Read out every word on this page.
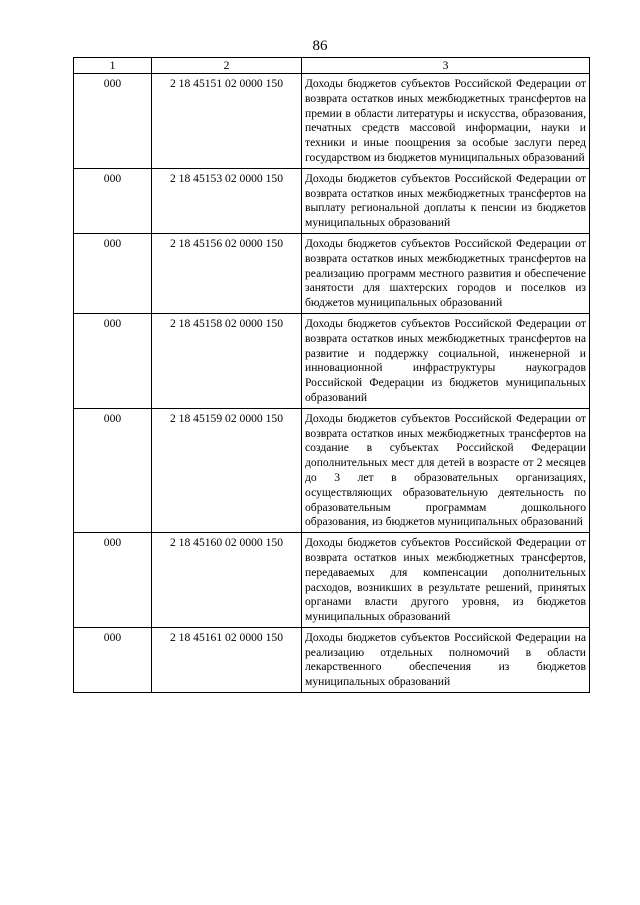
86
1	2	3
000	2 18 45151 02 0000 150	Доходы бюджетов субъектов Российской Федерации от возврата остатков иных межбюджетных трансфертов на премии в области литературы и искусства, образования, печатных средств массовой информации, науки и техники и иные поощрения за особые заслуги перед государством из бюджетов муниципальных образований
000	2 18 45153 02 0000 150	Доходы бюджетов субъектов Российской Федерации от возврата остатков иных межбюджетных трансфертов на выплату региональной доплаты к пенсии из бюджетов муниципальных образований
000	2 18 45156 02 0000 150	Доходы бюджетов субъектов Российской Федерации от возврата остатков иных межбюджетных трансфертов на реализацию программ местного развития и обеспечение занятости для шахтерских городов и поселков из бюджетов муниципальных образований
000	2 18 45158 02 0000 150	Доходы бюджетов субъектов Российской Федерации от возврата остатков иных межбюджетных трансфертов на развитие и поддержку социальной, инженерной и инновационной инфраструктуры наукоградов Российской Федерации из бюджетов муниципальных образований
000	2 18 45159 02 0000 150	Доходы бюджетов субъектов Российской Федерации от возврата остатков иных межбюджетных трансфертов на создание в субъектах Российской Федерации дополнительных мест для детей в возрасте от 2 месяцев до 3 лет в образовательных организациях, осуществляющих образовательную деятельность по образовательным программам дошкольного образования, из бюджетов муниципальных образований
000	2 18 45160 02 0000 150	Доходы бюджетов субъектов Российской Федерации от возврата остатков иных межбюджетных трансфертов, передаваемых для компенсации дополнительных расходов, возникших в результате решений, принятых органами власти другого уровня, из бюджетов муниципальных образований
000	2 18 45161 02 0000 150	Доходы бюджетов субъектов Российской Федерации на реализацию отдельных полномочий в области лекарственного обеспечения из бюджетов муниципальных образований
